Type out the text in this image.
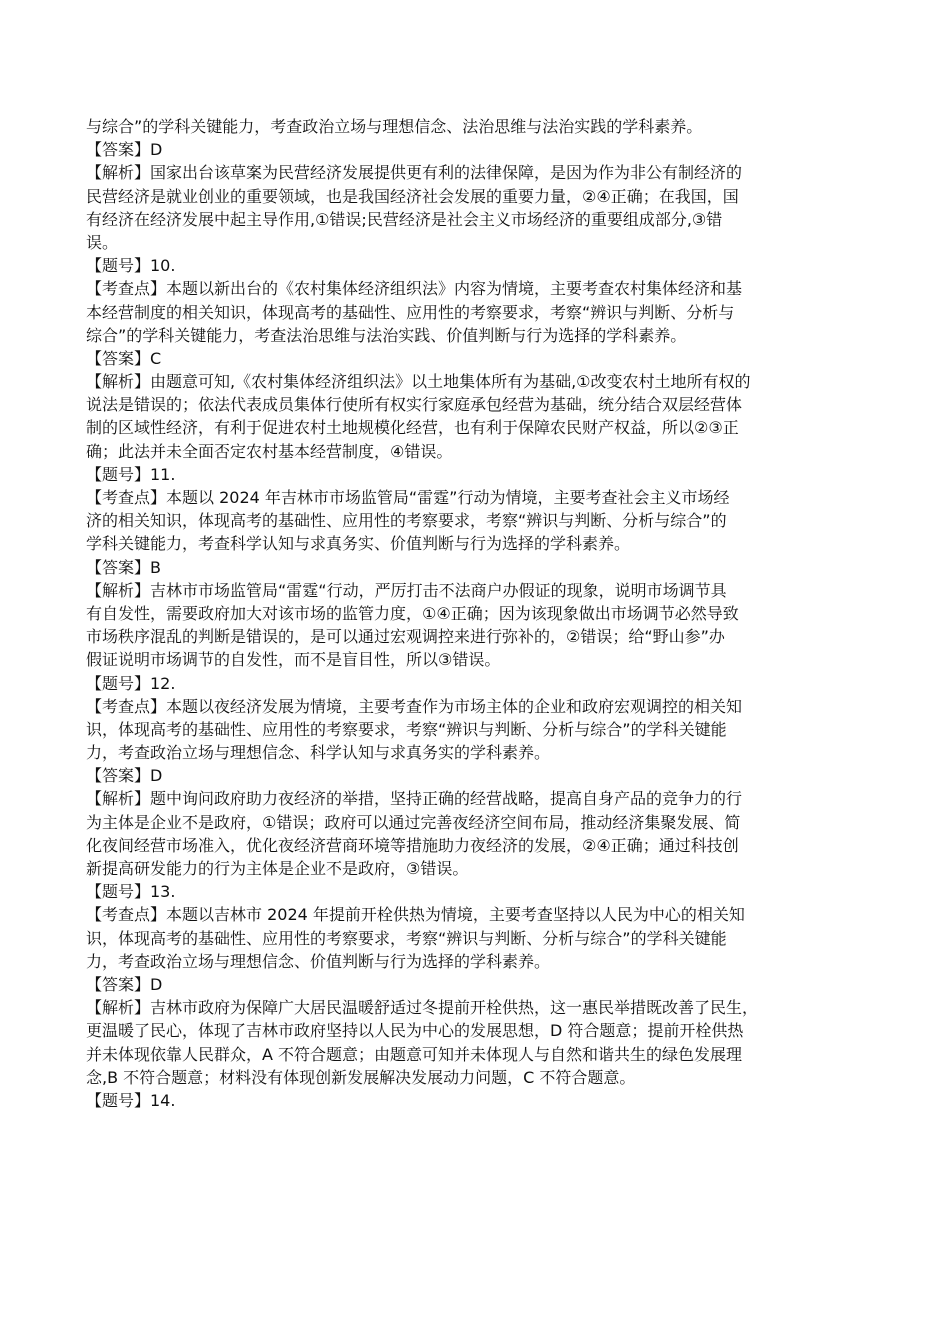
与综合”的学科关键能力，考查政治立场与理想信念、法治思维与法治实践的学科素养。
【答案】D
【解析】国家出台该草案为民营经济发展提供更有利的法律保障，是因为作为非公有制经济的
民营经济是就业创业的重要领域，也是我国经济社会发展的重要力量，②④正确；在我国，国
有经济在经济发展中起主导作用,①错误;民营经济是社会主义市场经济的重要组成部分,③错
误。
【题号】10.
【考查点】本题以新出台的《农村集体经济组织法》内容为情境，主要考查农村集体经济和基
本经营制度的相关知识，体现高考的基础性、应用性的考察要求，考察“辨识与判断、分析与
综合”的学科关键能力，考查法治思维与法治实践、价值判断与行为选择的学科素养。
【答案】C
【解析】由题意可知,《农村集体经济组织法》以土地集体所有为基础,①改变农村土地所有权的
说法是错误的；依法代表成员集体行使所有权实行家庭承包经营为基础，统分结合双层经营体
制的区域性经济，有利于促进农村土地规模化经营，也有利于保障农民财产权益，所以②③正
确；此法并未全面否定农村基本经营制度，④错误。
【题号】11.
【考查点】本题以 2024 年吉林市市场监管局“雷霆”行动为情境，主要考查社会主义市场经
济的相关知识，体现高考的基础性、应用性的考察要求，考察“辨识与判断、分析与综合”的
学科关键能力，考查科学认知与求真务实、价值判断与行为选择的学科素养。
【答案】B
【解析】吉林市市场监管局“雷霆“行动，严厉打击不法商户办假证的现象，说明市场调节具
有自发性，需要政府加大对该市场的监管力度，①④正确；因为该现象做出市场调节必然导致
市场秩序混乱的判断是错误的，是可以通过宏观调控来进行弥补的，②错误；给“野山参”办
假证说明市场调节的自发性，而不是盲目性，所以③错误。
【题号】12.
【考查点】本题以夜经济发展为情境，主要考查作为市场主体的企业和政府宏观调控的相关知
识，体现高考的基础性、应用性的考察要求，考察“辨识与判断、分析与综合”的学科关键能
力，考查政治立场与理想信念、科学认知与求真务实的学科素养。
【答案】D
【解析】题中询问政府助力夜经济的举措，坚持正确的经营战略，提高自身产品的竞争力的行
为主体是企业不是政府，①错误；政府可以通过完善夜经济空间布局，推动经济集聚发展、简
化夜间经营市场准入，优化夜经济营商环境等措施助力夜经济的发展，②④正确；通过科技创
新提高研发能力的行为主体是企业不是政府，③错误。
【题号】13.
【考查点】本题以吉林市 2024 年提前开栓供热为情境，主要考查坚持以人民为中心的相关知
识，体现高考的基础性、应用性的考察要求，考察“辨识与判断、分析与综合”的学科关键能
力，考查政治立场与理想信念、价值判断与行为选择的学科素养。
【答案】D
【解析】吉林市政府为保障广大居民温暖舒适过冬提前开栓供热，这一惠民举措既改善了民生，
更温暖了民心，体现了吉林市政府坚持以人民为中心的发展思想，D 符合题意；提前开栓供热
并未体现依靠人民群众，A 不符合题意；由题意可知并未体现人与自然和谐共生的绿色发展理
念,B 不符合题意；材料没有体现创新发展解决发展动力问题，C 不符合题意。
【题号】14.
